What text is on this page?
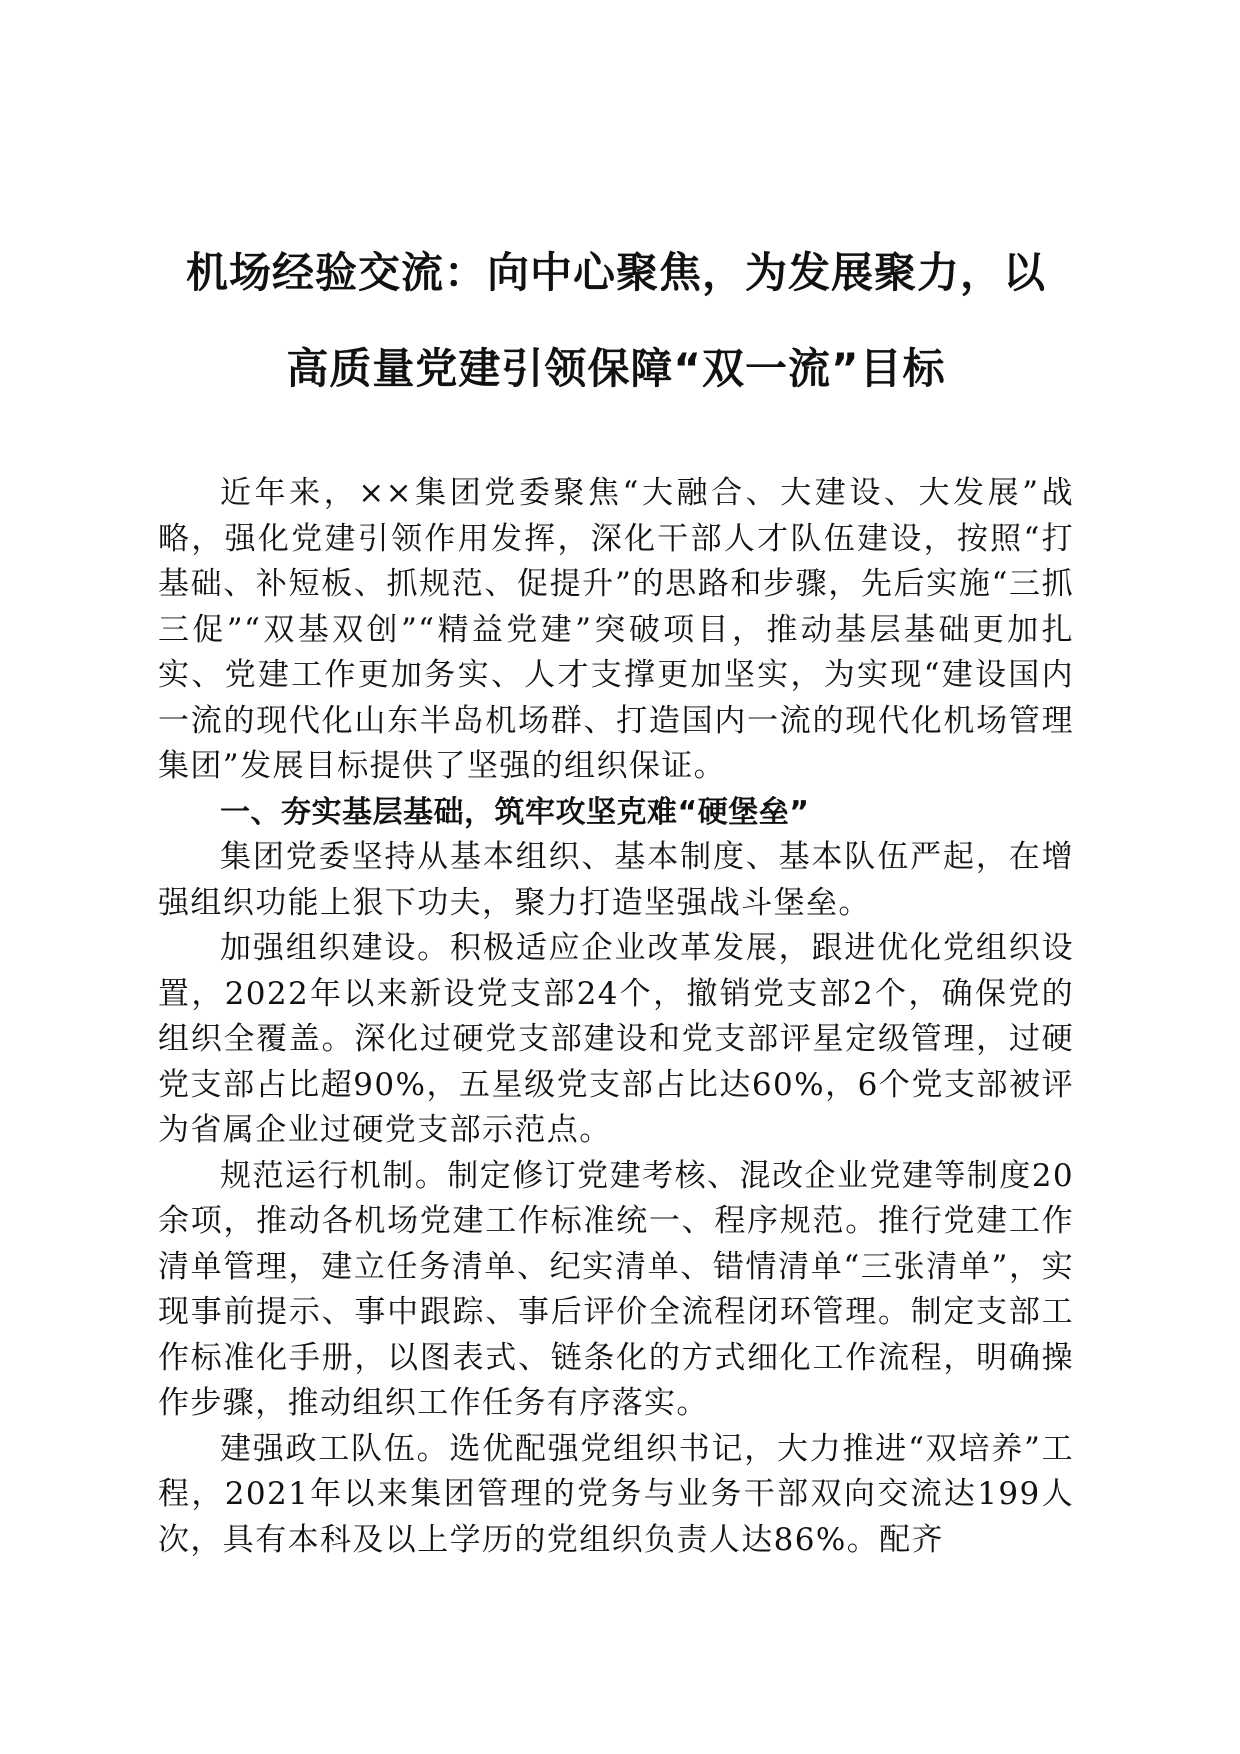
机场经验交流：向中心聚焦，为发展聚力，以
高质量党建引领保障“双一流”目标

近年来，××集团党委聚焦“大融合、大建设、大发展”战略，强化党建引领作用发挥，深化干部人才队伍建设，按照“打基础、补短板、抓规范、促提升”的思路和步骤，先后实施“三抓三促”“双基双创”“精益党建”突破项目，推动基层基础更加扎实、党建工作更加务实、人才支撑更加坚实，为实现“建设国内一流的现代化山东半岛机场群、打造国内一流的现代化机场管理集团”发展目标提供了坚强的组织保证。

一、夯实基层基础，筑牢攻坚克难“硬堡垒”

集团党委坚持从基本组织、基本制度、基本队伍严起，在增强组织功能上狠下功夫，聚力打造坚强战斗堡垒。

加强组织建设。积极适应企业改革发展，跟进优化党组织设置，2022年以来新设党支部24个，撤销党支部2个，确保党的组织全覆盖。深化过硬党支部建设和党支部评星定级管理，过硬党支部占比超90%，五星级党支部占比达60%，6个党支部被评为省属企业过硬党支部示范点。

规范运行机制。制定修订党建考核、混改企业党建等制度20余项，推动各机场党建工作标准统一、程序规范。推行党建工作清单管理，建立任务清单、纪实清单、错情清单“三张清单”，实现事前提示、事中跟踪、事后评价全流程闭环管理。制定支部工作标准化手册，以图表式、链条化的方式细化工作流程，明确操作步骤，推动组织工作任务有序落实。

建强政工队伍。选优配强党组织书记，大力推进“双培养”工程，2021年以来集团管理的党务与业务干部双向交流达199人次，具有本科及以上学历的党组织负责人达86%。配齐
